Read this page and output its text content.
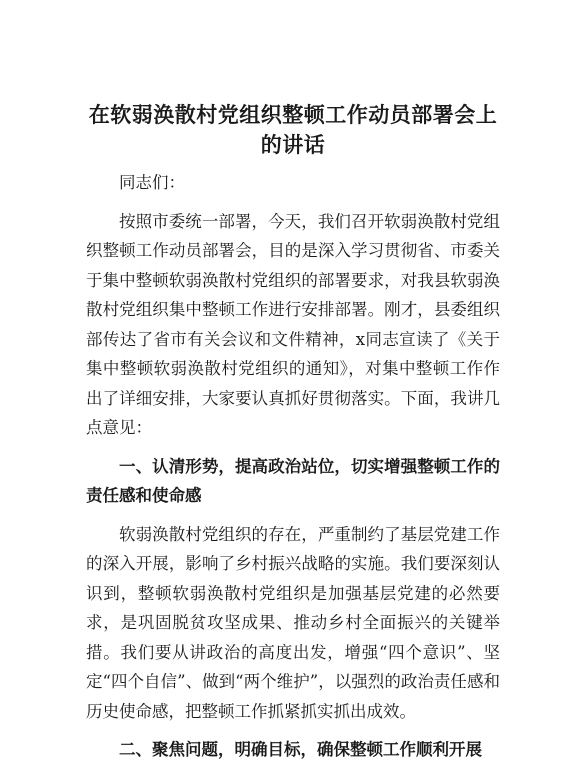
在软弱涣散村党组织整顿工作动员部署会上的讲话

同志们：

按照市委统一部署，今天，我们召开软弱涣散村党组织整顿工作动员部署会，目的是深入学习贯彻省、市委关于集中整顿软弱涣散村党组织的部署要求，对我县软弱涣散村党组织集中整顿工作进行安排部署。刚才，县委组织部传达了省市有关会议和文件精神，x同志宣读了《关于集中整顿软弱涣散村党组织的通知》，对集中整顿工作作出了详细安排，大家要认真抓好贯彻落实。下面，我讲几点意见：

一、认清形势，提高政治站位，切实增强整顿工作的责任感和使命感

软弱涣散村党组织的存在，严重制约了基层党建工作的深入开展，影响了乡村振兴战略的实施。我们要深刻认识到，整顿软弱涣散村党组织是加强基层党建的必然要求，是巩固脱贫攻坚成果、推动乡村全面振兴的关键举措。我们要从讲政治的高度出发，增强“四个意识”、坚定“四个自信”、做到“两个维护”，以强烈的政治责任感和历史使命感，把整顿工作抓紧抓实抓出成效。

二、聚焦问题，明确目标，确保整顿工作顺利开展
